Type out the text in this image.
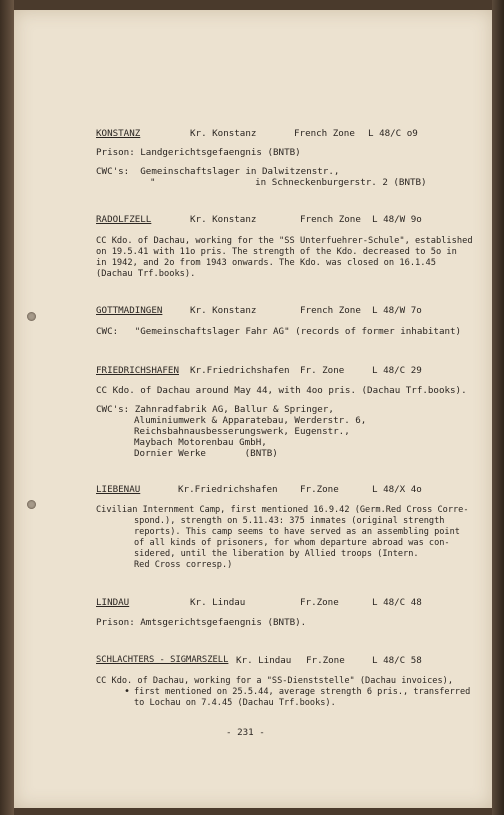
KONSTANZ	Kr. Konstanz	French Zone L 48/C o9
Prison: Landgerichtsgefaengnis (BNTB)
CWC's:  Gemeinschaftslager in Dalwitzenstr.,
"                  in Schneckenburgerstr. 2 (BNTB)
RADOLFZELL	Kr. Konstanz	French Zone L 48/W 9o
CC Kdo. of Dachau, working for the "SS Unterfuehrer-Schule", established
on 19.5.41 with 11o pris. The strength of the Kdo. decreased to 5o in
in 1942, and 2o from 1943 onwards. The Kdo. was closed on 16.1.45
(Dachau Trf.books).
GOTTMADINGEN	Kr. Konstanz	French Zone L 48/W 7o
CWC:   "Gemeinschaftslager Fahr AG" (records of former inhabitant)
FRIEDRICHSHAFEN Kr.Friedrichshafen Fr. Zone	L 48/C 29
CC Kdo. of Dachau around May 44, with 4oo pris. (Dachau Trf.books).
CWC's: Zahnradfabrik AG, Ballur & Springer,
Aluminiumwerk & Apparatebau, Werderstr. 6,
Reichsbahnausbesserungswerk, Eugenstr.,
Maybach Motorenbau GmbH,
Dornier Werke       (BNTB)
LIEBENAU	Kr.Friedrichshafen Fr.Zone	L 48/X 4o
Civilian Internment Camp, first mentioned 16.9.42 (Germ.Red Cross Corre-
spond.), strength on 5.11.43: 375 inmates (original strength
reports). This camp seems to have served as an assembling point
of all kinds of prisoners, for whom departure abroad was con-
sidered, until the liberation by Allied troops (Intern.
Red Cross corresp.)
LINDAU	Kr. Lindau	Fr.Zone	L 48/C 48
Prison: Amtsgerichtsgefaengnis (BNTB).
SCHLACHTERS - SIGMARSZELL Kr. Lindau Fr.Zone	L 48/C 58
CC Kdo. of Dachau, working for a "SS-Dienststelle" (Dachau invoices),
• first mentioned on 25.5.44, average strength 6 pris., transferred
to Lochau on 7.4.45 (Dachau Trf.books).
- 231 -
